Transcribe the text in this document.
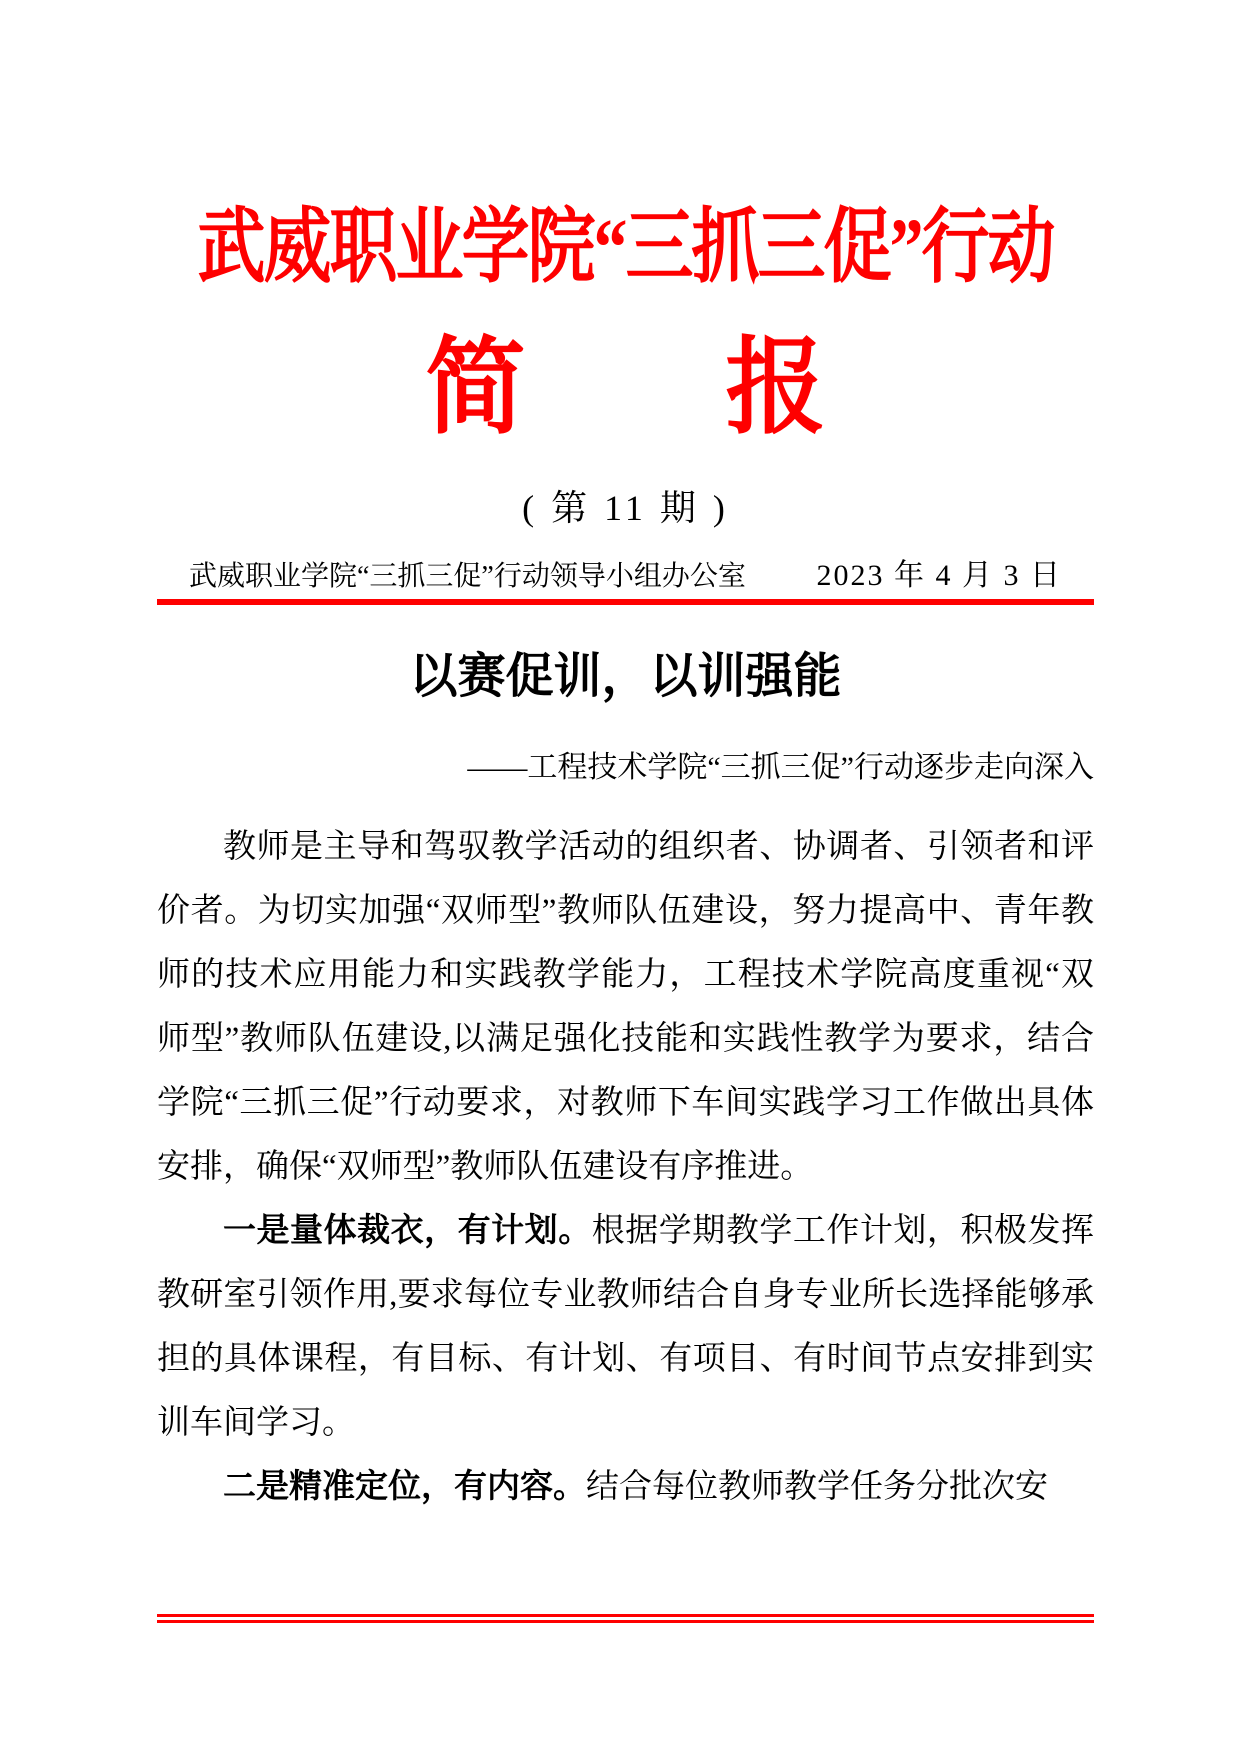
武威职业学院“三抓三促”行动
简　　报
( 第 11 期 )
武威职业学院“三抓三促”行动领导小组办公室 2023 年 4 月 3 日
以赛促训，以训强能
——工程技术学院“三抓三促”行动逐步走向深入

教师是主导和驾驭教学活动的组织者、协调者、引领者和评价者。为切实加强“双师型”教师队伍建设，努力提高中、青年教师的技术应用能力和实践教学能力，工程技术学院高度重视“双师型”教师队伍建设,以满足强化技能和实践性教学为要求，结合学院“三抓三促”行动要求，对教师下车间实践学习工作做出具体安排，确保“双师型”教师队伍建设有序推进。

一是量体裁衣，有计划。根据学期教学工作计划，积极发挥教研室引领作用,要求每位专业教师结合自身专业所长选择能够承担的具体课程，有目标、有计划、有项目、有时间节点安排到实训车间学习。

二是精准定位，有内容。结合每位教师教学任务分批次安
